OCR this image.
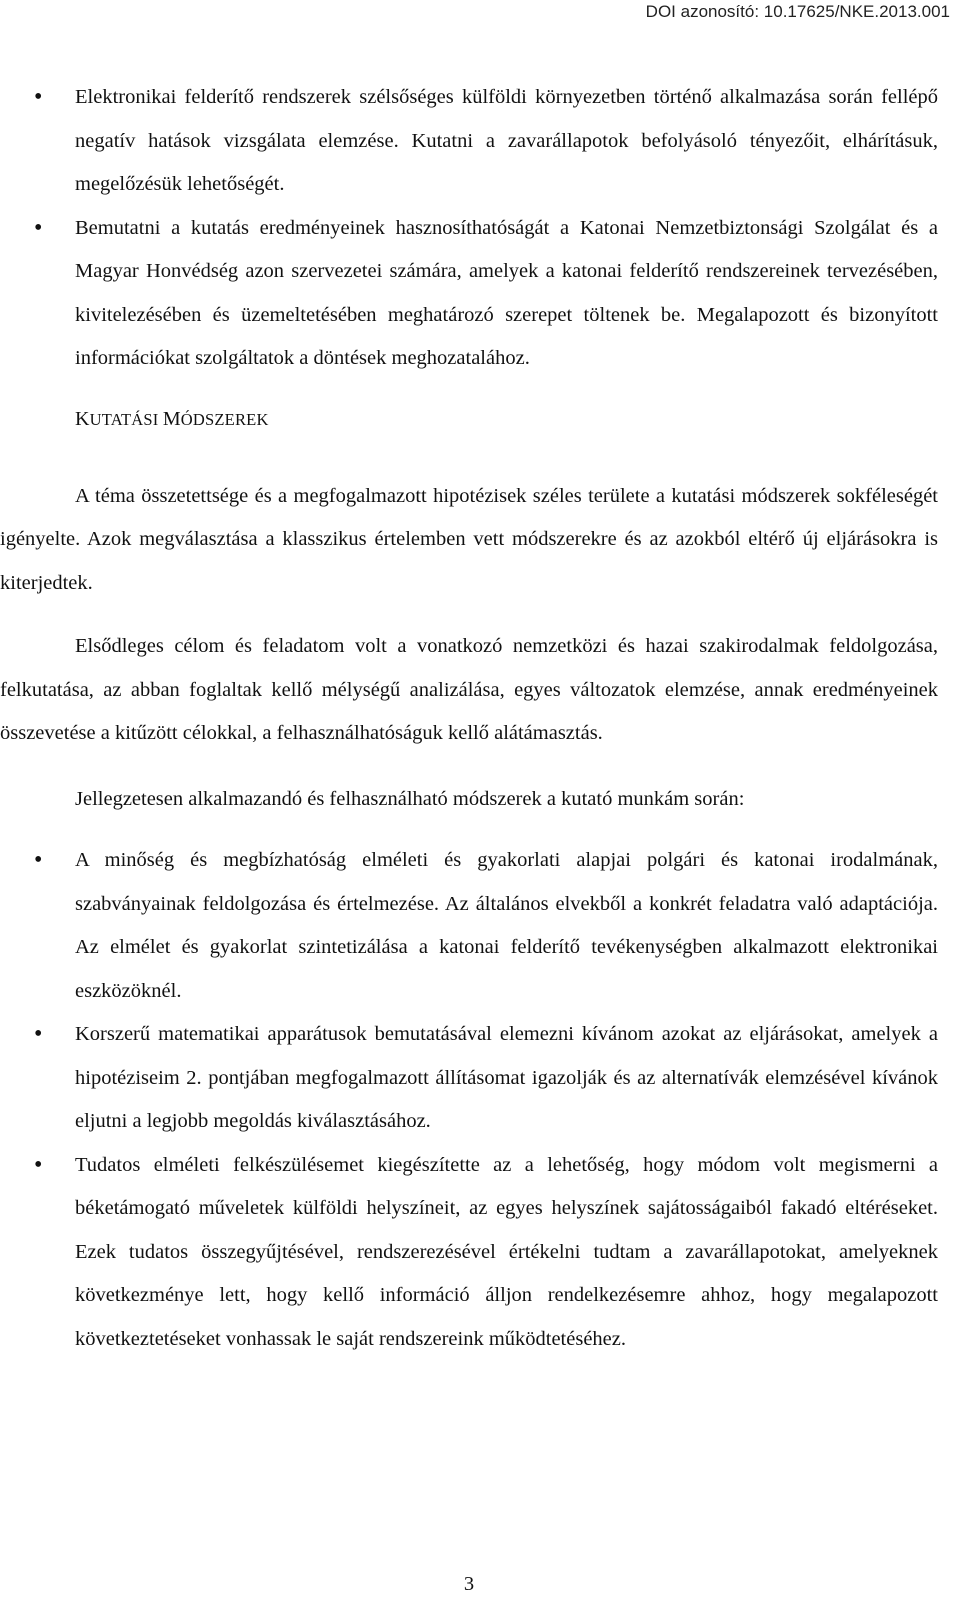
DOI azonosító: 10.17625/NKE.2013.001
• Elektronikai felderítő rendszerek szélsőséges külföldi környezetben történő alkalmazása során fellépő negatív hatások vizsgálata elemzése. Kutatni a zavarállapotok befolyásoló tényezőit, elhárításuk, megelőzésük lehetőségét.
• Bemutatni a kutatás eredményeinek hasznosíthatóságát a Katonai Nemzetbiztonsági Szolgálat és a Magyar Honvédség azon szervezetei számára, amelyek a katonai felderítő rendszereinek tervezésében, kivitelezésében és üzemeltetésében meghatározó szerepet töltenek be. Megalapozott és bizonyított információkat szolgáltatok a döntések meghozatalához.
KUTATÁSI MÓDSZEREK

A téma összetettsége és a megfogalmazott hipotézisek széles területe a kutatási módszerek sokféleségét igényelte. Azok megválasztása a klasszikus értelemben vett módszerekre és az azokból eltérő új eljárásokra is kiterjedtek.

Elsődleges célom és feladatom volt a vonatkozó nemzetközi és hazai szakirodalmak feldolgozása, felkutatása, az abban foglaltak kellő mélységű analizálása, egyes változatok elemzése, annak eredményeinek összevetése a kitűzött célokkal, a felhasználhatóságuk kellő alátámasztás.

Jellegzetesen alkalmazandó és felhasználható módszerek a kutató munkám során:

• A minőség és megbízhatóság elméleti és gyakorlati alapjai polgári és katonai irodalmának, szabványainak feldolgozása és értelmezése. Az általános elvekből a konkrét feladatra való adaptációja. Az elmélet és gyakorlat szintetizálása a katonai felderítő tevékenységben alkalmazott elektronikai eszközöknél.
• Korszerű matematikai apparátusok bemutatásával elemezni kívánom azokat az eljárásokat, amelyek a hipotéziseim 2. pontjában megfogalmazott állításomat igazolják és az alternatívák elemzésével kívánok eljutni a legjobb megoldás kiválasztásához.
• Tudatos elméleti felkészülésemet kiegészítette az a lehetőség, hogy módom volt megismerni a béketámogató műveletek külföldi helyszíneit, az egyes helyszínek sajátosságaiból fakadó eltéréseket. Ezek tudatos összegyűjtésével, rendszerezésével értékelni tudtam a zavarállapotokat, amelyeknek következménye lett, hogy kellő információ álljon rendelkezésemre ahhoz, hogy megalapozott következtetéseket vonhassak le saját rendszereink működtetéséhez.
3
